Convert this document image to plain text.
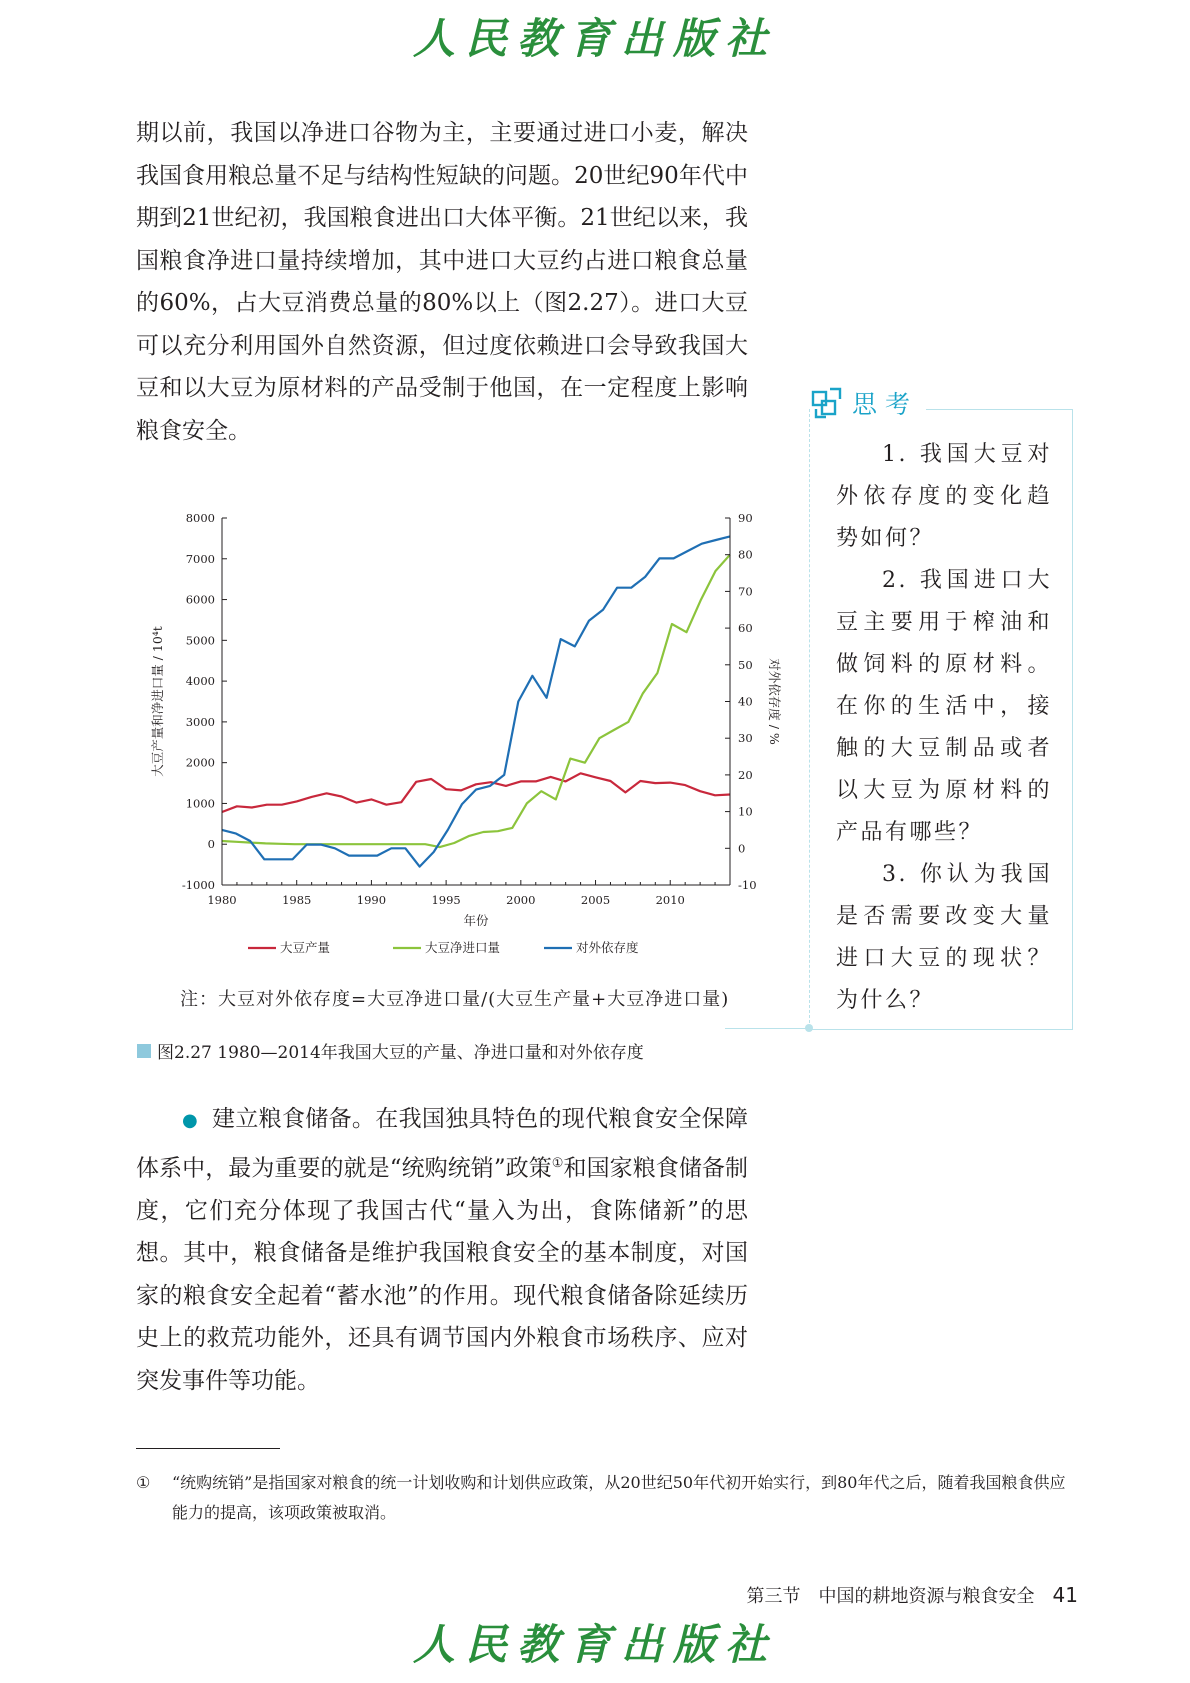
人民教育出版社

期以前，我国以净进口谷物为主，主要通过进口小麦，解决我国食用粮总量不足与结构性短缺的问题。20世纪90年代中期到21世纪初，我国粮食进出口大体平衡。21世纪以来，我国粮食净进口量持续增加，其中进口大豆约占进口粮食总量的60%，占大豆消费总量的80%以上（图2.27）。进口大豆可以充分利用国外自然资源，但过度依赖进口会导致我国大豆和以大豆为原材料的产品受制于他国，在一定程度上影响粮食安全。

思考

1. 我国大豆对外依存度的变化趋势如何？

2. 我国进口大豆主要用于榨油和做饲料的原材料。在你的生活中，接触的大豆制品或者以大豆为原材料的产品有哪些？

3. 你认为我国是否需要改变大量进口大豆的现状？为什么？

-1000
0
1000
2000
3000
4000
5000
6000
7000
8000
-10
0
10
20
30
40
50
60
70
80
90
1980	1985	1990	1995	2000	2005	2010
年份
大豆产量和净进口量 / 10⁴t	对外依存度 / %
大豆产量	大豆净进口量	对外依存度
注：大豆对外依存度=大豆净进口量/(大豆生产量+大豆净进口量)
图2.27 1980—2014年我国大豆的产量、净进口量和对外依存度

● 建立粮食储备。在我国独具特色的现代粮食安全保障体系中，最为重要的就是“统购统销”政策①和国家粮食储备制度，它们充分体现了我国古代“量入为出，食陈储新”的思想。其中，粮食储备是维护我国粮食安全的基本制度，对国家的粮食安全起着“蓄水池”的作用。现代粮食储备除延续历史上的救荒功能外，还具有调节国内外粮食市场秩序、应对突发事件等功能。

① “统购统销”是指国家对粮食的统一计划收购和计划供应政策，从20世纪50年代初开始实行，到80年代之后，随着我国粮食供应能力的提高，该项政策被取消。

第三节　中国的耕地资源与粮食安全 41
人民教育出版社
